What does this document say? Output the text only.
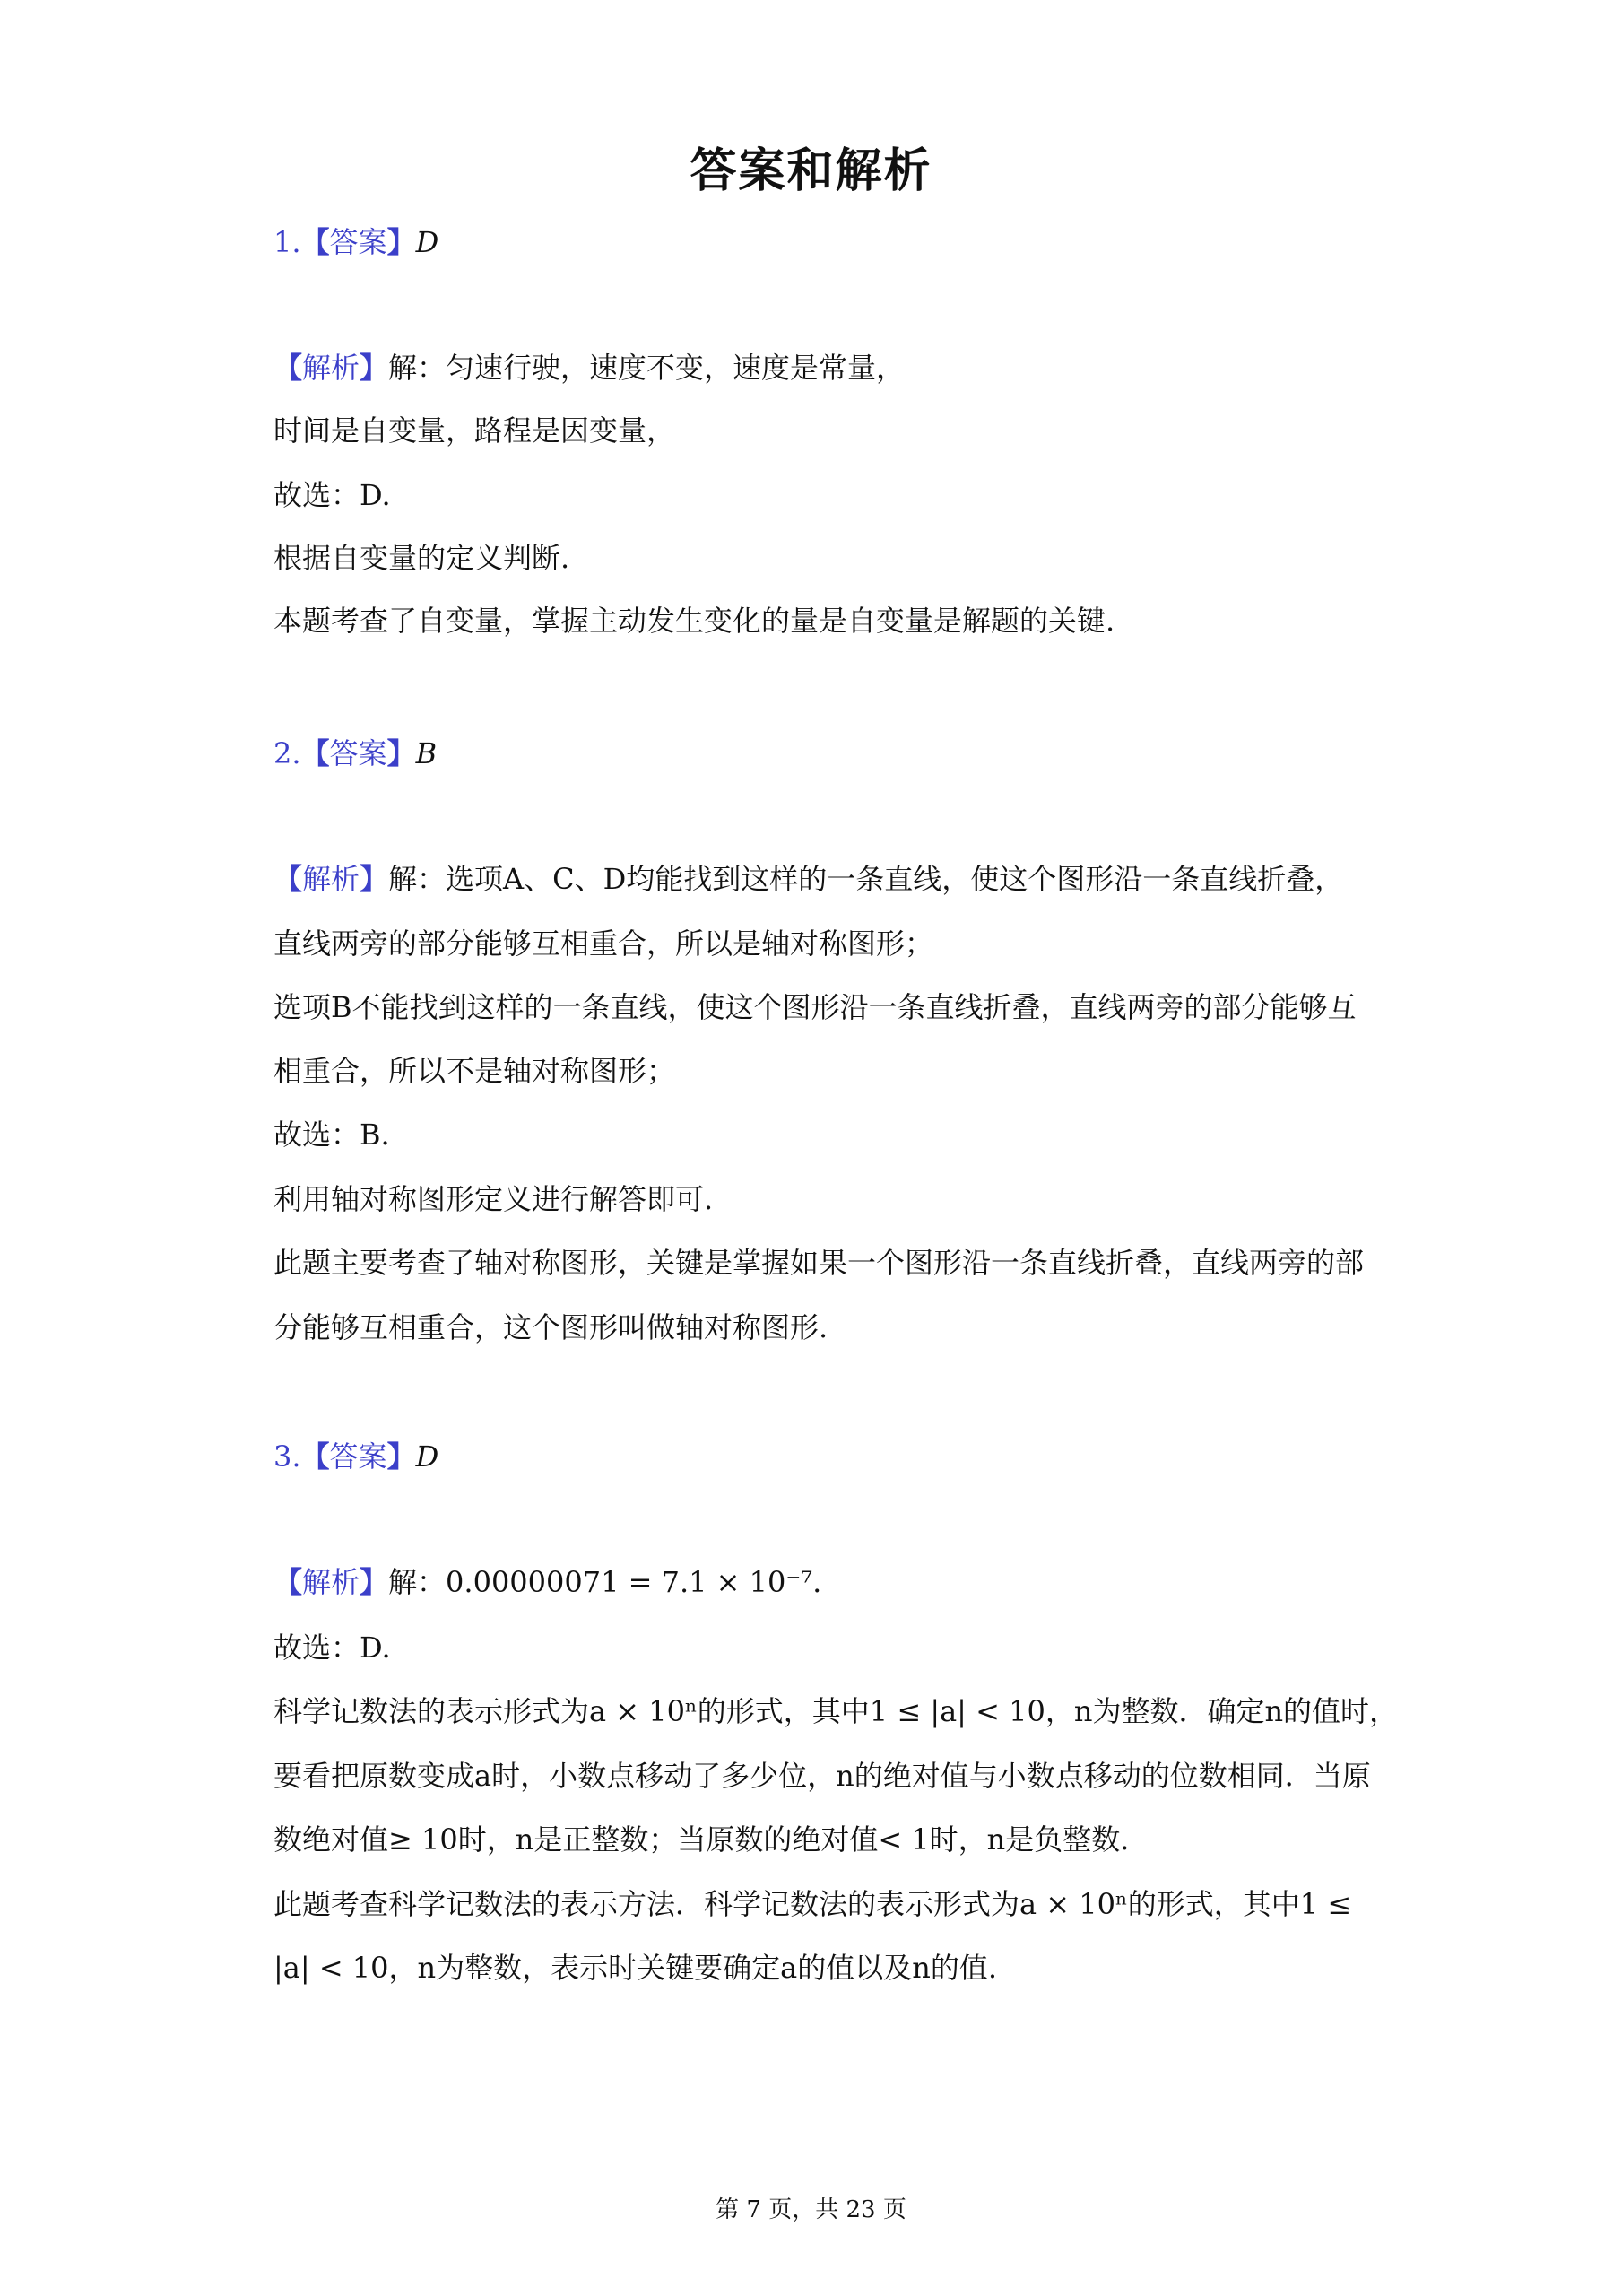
答案和解析
1.【答案】D
【解析】解：匀速行驶，速度不变，速度是常量，
时间是自变量，路程是因变量，
故选：D.
根据自变量的定义判断.
本题考查了自变量，掌握主动发生变化的量是自变量是解题的关键.
2.【答案】B
【解析】解：选项A、C、D均能找到这样的一条直线，使这个图形沿一条直线折叠，
直线两旁的部分能够互相重合，所以是轴对称图形；
选项B不能找到这样的一条直线，使这个图形沿一条直线折叠，直线两旁的部分能够互
相重合，所以不是轴对称图形；
故选：B.
利用轴对称图形定义进行解答即可.
此题主要考查了轴对称图形，关键是掌握如果一个图形沿一条直线折叠，直线两旁的部
分能够互相重合，这个图形叫做轴对称图形.
3.【答案】D
【解析】解：0.00000071 = 7.1 × 10⁻⁷.
故选：D.
科学记数法的表示形式为a × 10ⁿ的形式，其中1 ≤ |a| < 10，n为整数．确定n的值时，
要看把原数变成a时，小数点移动了多少位，n的绝对值与小数点移动的位数相同．当原
数绝对值≥ 10时，n是正整数；当原数的绝对值< 1时，n是负整数.
此题考查科学记数法的表示方法．科学记数法的表示形式为a × 10ⁿ的形式，其中1 ≤
|a| < 10，n为整数，表示时关键要确定a的值以及n的值.
第 7 页，共 23 页
